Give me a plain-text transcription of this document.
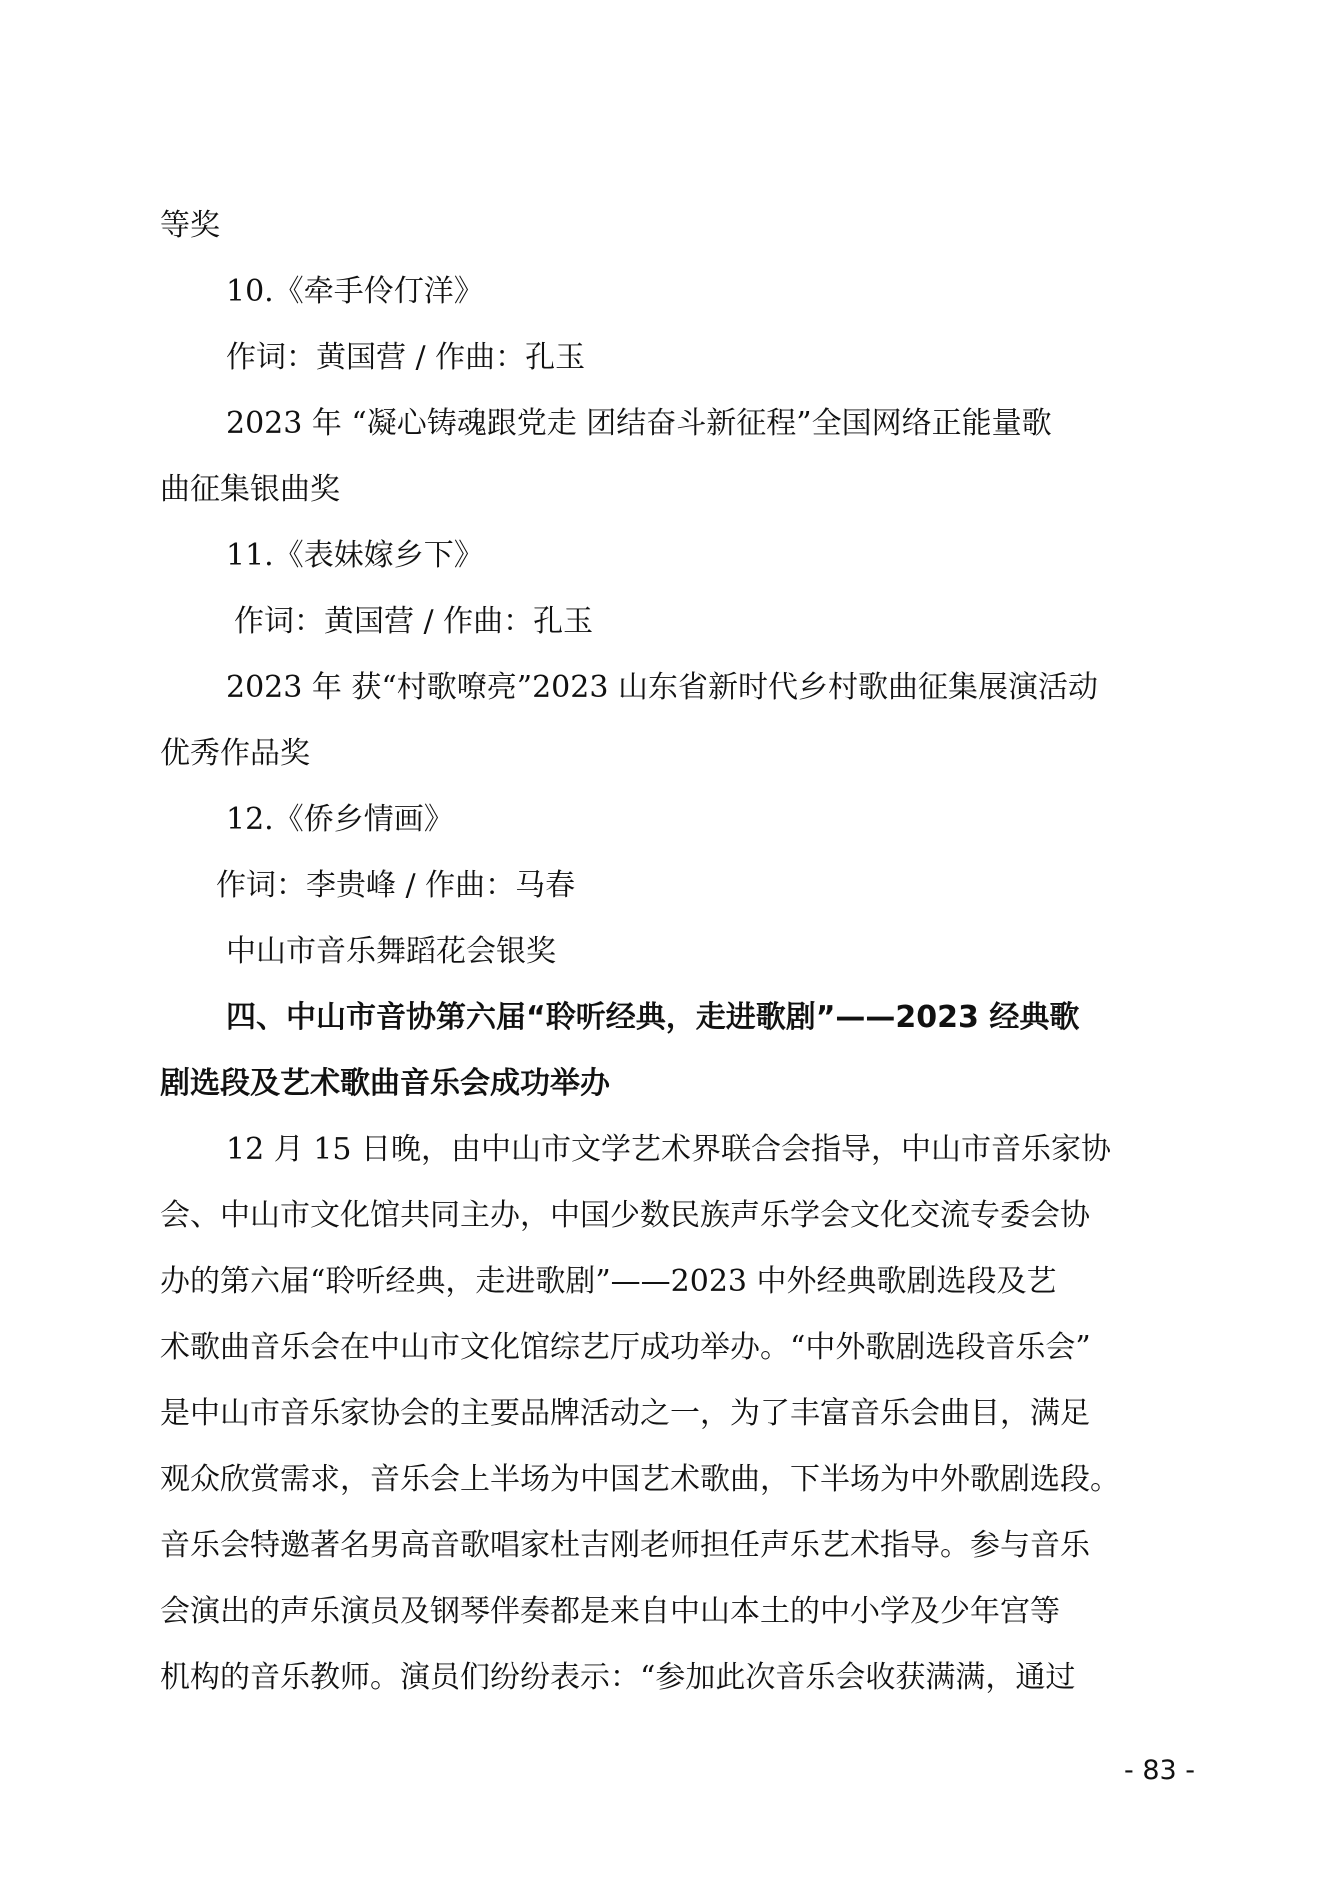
等奖
10.《牵手伶仃洋》
作词：黄国营 / 作曲：孔玉
2023 年 “凝心铸魂跟党走 团结奋斗新征程”全国网络正能量歌
曲征集银曲奖
11.《表妹嫁乡下》
作词：黄国营 / 作曲：孔玉
2023 年 获“村歌嘹亮”2023 山东省新时代乡村歌曲征集展演活动
优秀作品奖
12.《侨乡情画》
作词：李贵峰 / 作曲：马春
中山市音乐舞蹈花会银奖
四、中山市音协第六届“聆听经典，走进歌剧”——2023 经典歌
剧选段及艺术歌曲音乐会成功举办
12 月 15 日晚，由中山市文学艺术界联合会指导，中山市音乐家协
会、中山市文化馆共同主办，中国少数民族声乐学会文化交流专委会协
办的第六届“聆听经典，走进歌剧”——2023 中外经典歌剧选段及艺
术歌曲音乐会在中山市文化馆综艺厅成功举办。“中外歌剧选段音乐会”
是中山市音乐家协会的主要品牌活动之一，为了丰富音乐会曲目，满足
观众欣赏需求，音乐会上半场为中国艺术歌曲，下半场为中外歌剧选段。
音乐会特邀著名男高音歌唱家杜吉刚老师担任声乐艺术指导。参与音乐
会演出的声乐演员及钢琴伴奏都是来自中山本土的中小学及少年宫等
机构的音乐教师。演员们纷纷表示：“参加此次音乐会收获满满，通过
- 83 -
